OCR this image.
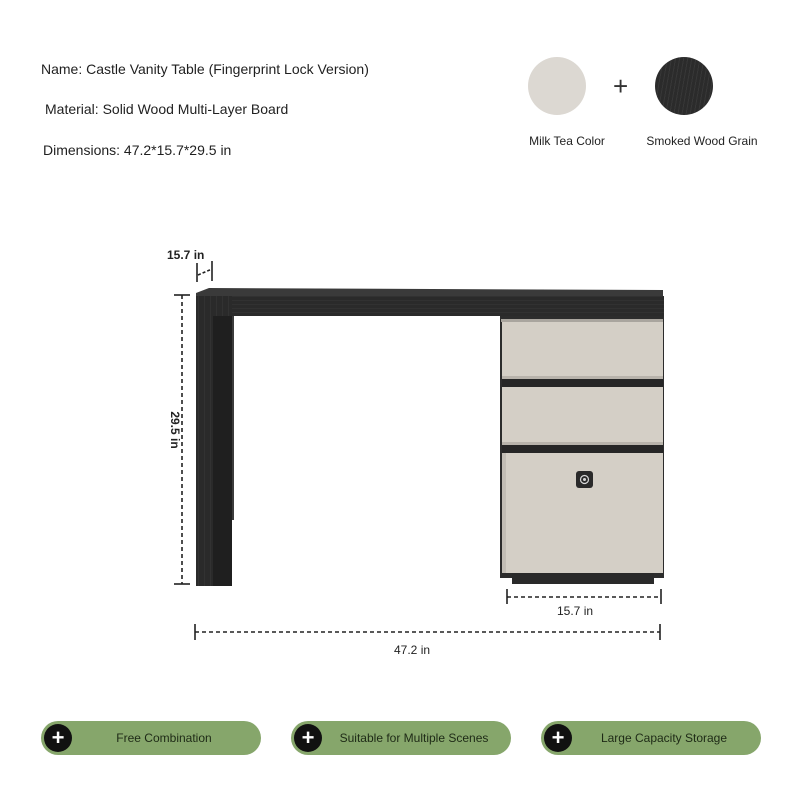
Name: Castle Vanity Table (Fingerprint Lock Version)
Material: Solid Wood Multi-Layer Board
Dimensions: 47.2*15.7*29.5 in
+
Milk Tea Color	Smoked Wood Grain
15.7 in
29.5 in
15.7 in
47.2 in
+	Free Combination	+	Suitable for Multiple Scenes	+	Large Capacity Storage
